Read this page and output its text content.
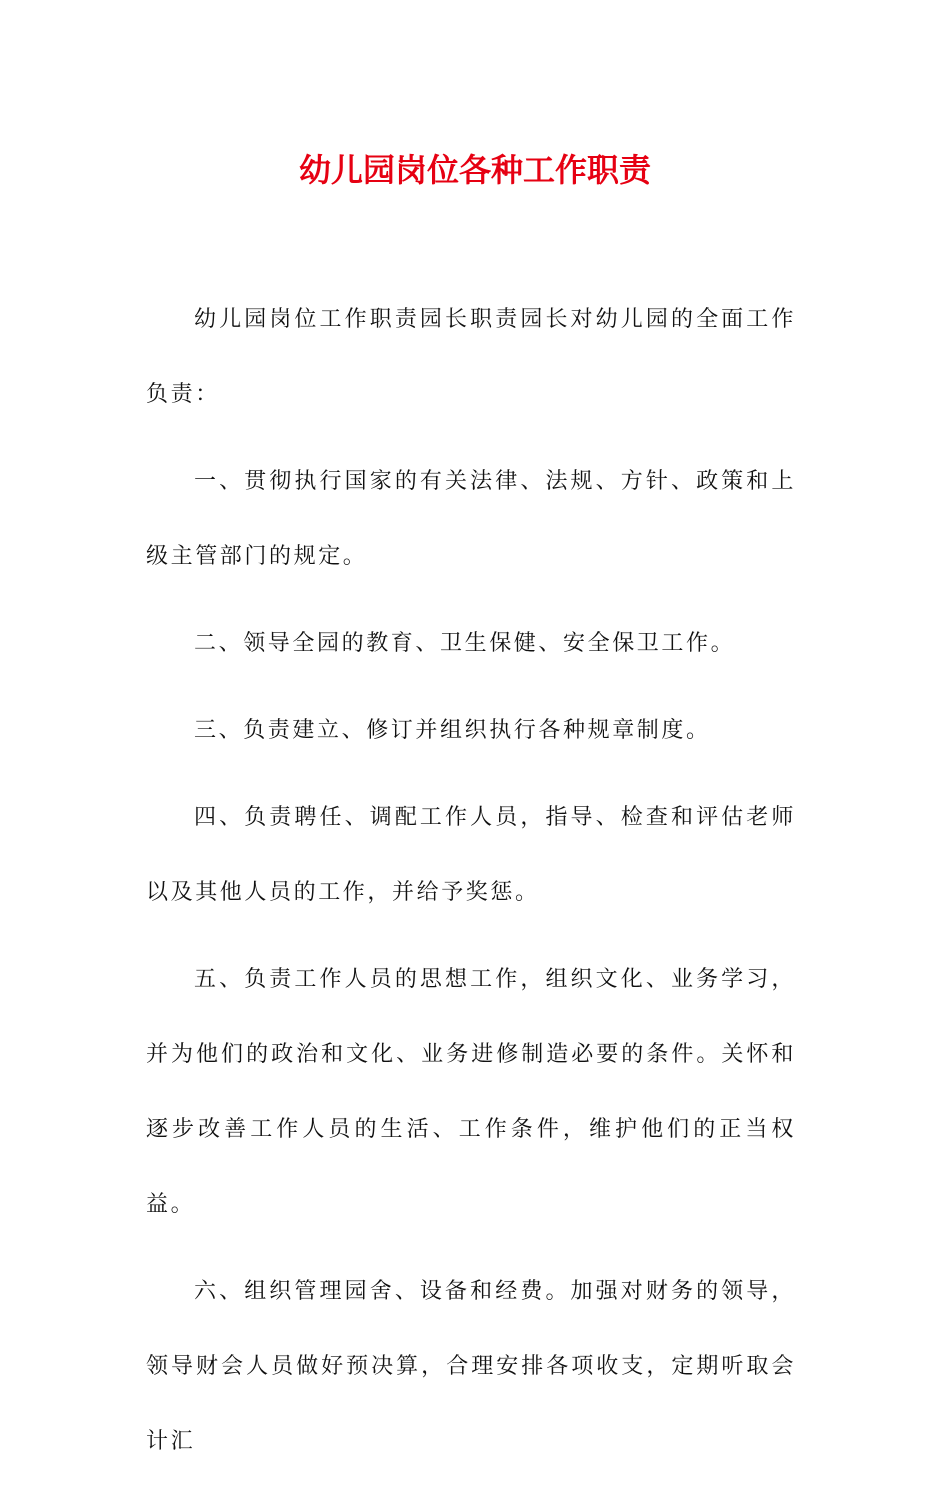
幼儿园岗位各种工作职责

幼儿园岗位工作职责园长职责园长对幼儿园的全面工作负责：

一、贯彻执行国家的有关法律、法规、方针、政策和上级主管部门的规定。

二、领导全园的教育、卫生保健、安全保卫工作。

三、负责建立、修订并组织执行各种规章制度。

四、负责聘任、调配工作人员，指导、检查和评估老师以及其他人员的工作，并给予奖惩。

五、负责工作人员的思想工作，组织文化、业务学习，并为他们的政治和文化、业务进修制造必要的条件。关怀和逐步改善工作人员的生活、工作条件，维护他们的正当权益。

六、组织管理园舍、设备和经费。加强对财务的领导，领导财会人员做好预决算，合理安排各项收支，定期听取会计汇
